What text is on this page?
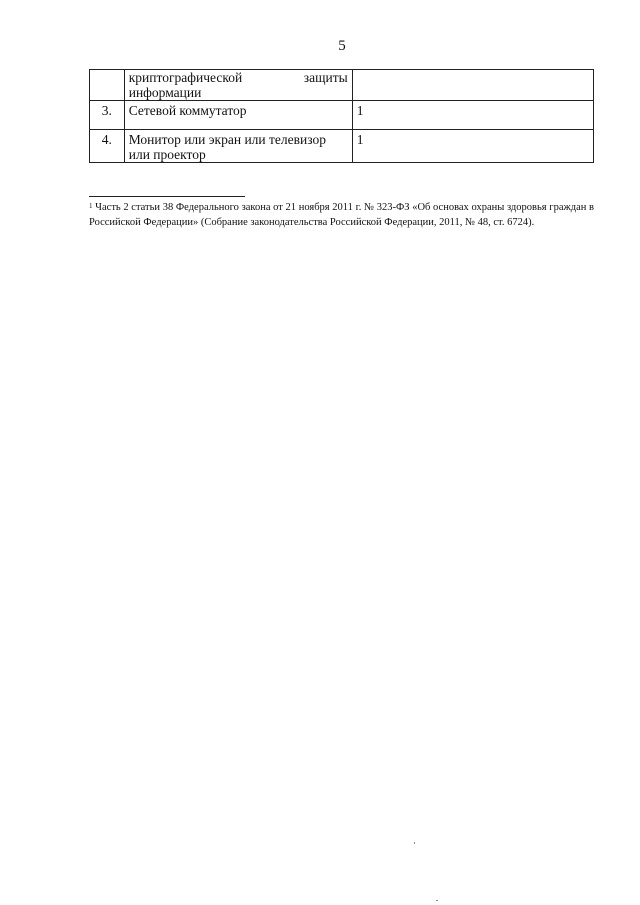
5

	криптографической защиты
информации	

3.	Сетевой коммутатор	1
4.	Монитор или экран или телевизор или проектор	1
$^1$ Часть 2 статьи 38 Федерального закона от 21 ноября 2011 г. № 323-ФЗ «Об основах охраны здоровья граждан в Российской Федерации» (Собрание законодательства Российской Федерации, 2011, № 48, ст. 6724).
